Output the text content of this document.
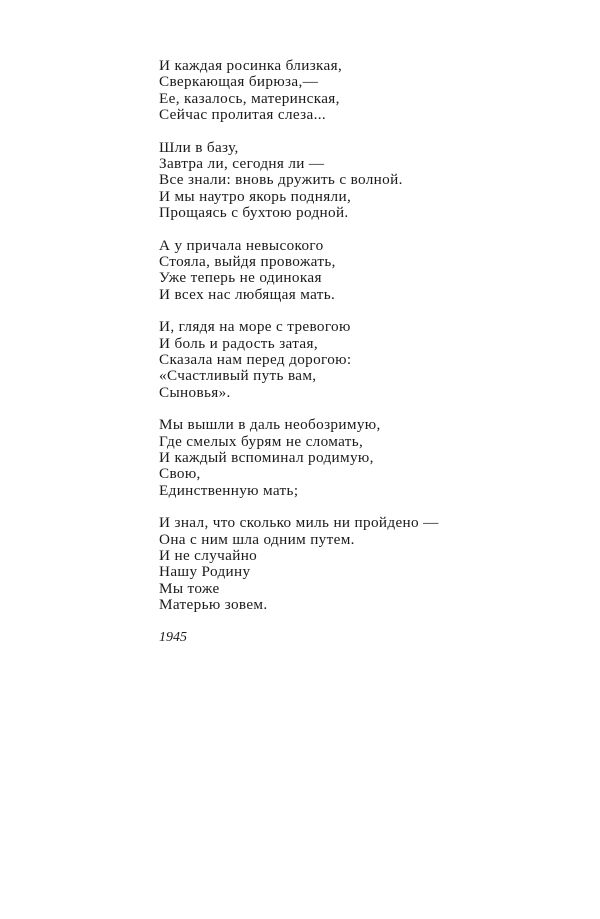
И каждая росинка близкая,
Сверкающая бирюза,—
Ее, казалось, материнская,
Сейчас пролитая слеза...
Шли в базу,
Завтра ли, сегодня ли —
Все знали: вновь дружить с волной.
И мы наутро якорь подняли,
Прощаясь с бухтою родной.
А у причала невысокого
Стояла, выйдя провожать,
Уже теперь не одинокая
И всех нас любящая мать.
И, глядя на море с тревогою
И боль и радость затая,
Сказала нам перед дорогою:
«Счастливый путь вам,
Сыновья».
Мы вышли в даль необозримую,
Где смелых бурям не сломать,
И каждый вспоминал родимую,
Свою,
Единственную мать;
И знал, что сколько миль ни пройдено —
Она с ним шла одним путем.
И не случайно
Нашу Родину
Мы тоже
Матерью зовем.
1945
